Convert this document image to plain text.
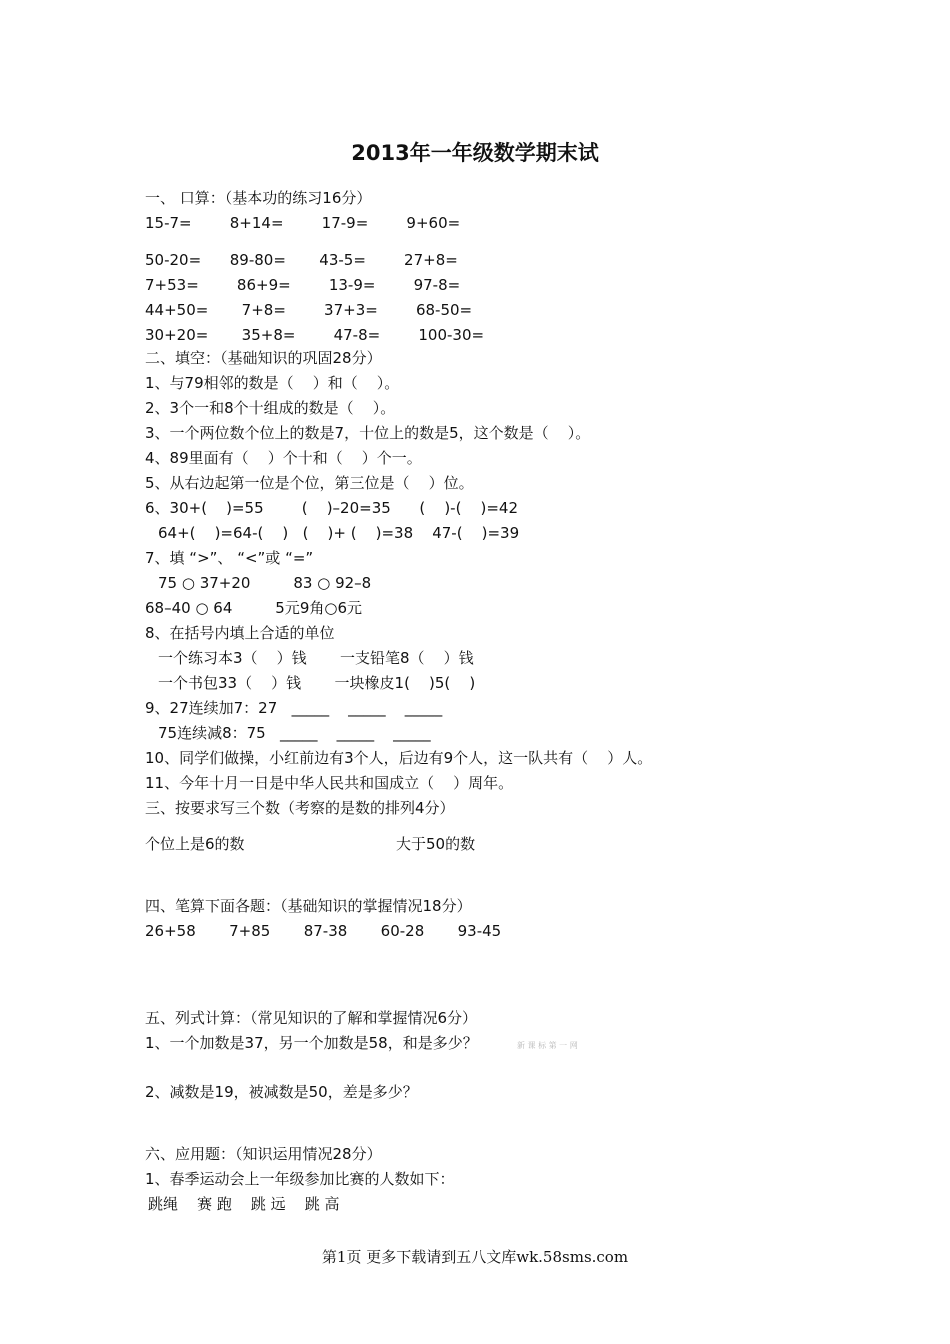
2013年一年级数学期末试
一、 口算：（基本功的练习16分）
15-7=        8+14=        17-9=        9+60=
50-20=      89-80=       43-5=        27+8=
7+53=        86+9=        13-9=        97-8=
44+50=       7+8=        37+3=        68-50=
30+20=       35+8=        47-8=        100-30=
二、填空：（基础知识的巩固28分）
1、与79相邻的数是（    ）和（    ）。
2、3个一和8个十组成的数是（    ）。
3、一个两位数个位上的数是7，十位上的数是5，这个数是（    ）。
4、89里面有（    ）个十和（    ）个一。
5、从右边起第一位是个位，第三位是（    ）位。
6、30+(    )=55        (    )–20=35      (    )-(    )=42
64+(    )=64-(    )   (    )+ (    )=38    47-(    )=39
7、填 “>”、 “<”或 “=”
75 ○ 37+20         83 ○ 92–8
68–40 ○ 64         5元9角○6元
8、在括号内填上合适的单位
一个练习本3（    ）钱       一支铅笔8（    ）钱
一个书包33（    ）钱       一块橡皮1(    )5(    )
9、27连续加7：27   _____    _____    _____
75连续减8：75   _____    _____    _____
10、同学们做操，小红前边有3个人，后边有9个人，这一队共有（    ）人。
11、今年十月一日是中华人民共和国成立（    ）周年。
三、按要求写三个数（考察的是数的排列4分）
个位上是6的数	大于50的数
四、笔算下面各题：（基础知识的掌握情况18分）
26+58       7+85       87-38       60-28       93-45
五、列式计算：（常见知识的了解和掌握情况6分）
1、一个加数是37，另一个加数是58，和是多少？	新 课 标 第 一 网
2、减数是19，被减数是50，差是多少？
六、应用题：（知识运用情况28分）
1、春季运动会上一年级参加比赛的人数如下：
跳绳    赛 跑    跳 远    跳 高
第1页 更多下载请到五八文库wk.58sms.com
